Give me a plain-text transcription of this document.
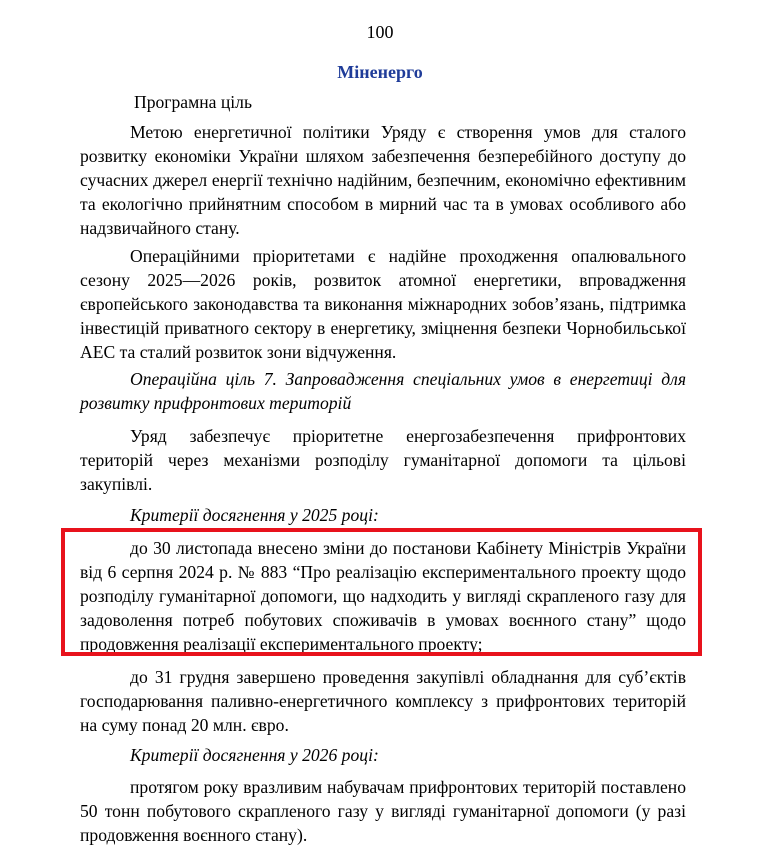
100
Міненерго
Програмна ціль
Метою енергетичної політики Уряду є створення умов для сталого розвитку економіки України шляхом забезпечення безперебійного доступу до сучасних джерел енергії технічно надійним, безпечним, економічно ефективним та екологічно прийнятним способом в мирний час та в умовах особливого або надзвичайного стану.
Операційними пріоритетами є надійне проходження опалювального сезону 2025—2026 років, розвиток атомної енергетики, впровадження європейського законодавства та виконання міжнародних зобов’язань, підтримка інвестицій приватного сектору в енергетику, зміцнення безпеки Чорнобильської АЕС та сталий розвиток зони відчуження.
Операційна ціль 7. Запровадження спеціальних умов в енергетиці для розвитку прифронтових територій
Уряд забезпечує пріоритетне енергозабезпечення прифронтових територій через механізми розподілу гуманітарної допомоги та цільові закупівлі.
Критерії досягнення у 2025 році:
до 30 листопада внесено зміни до постанови Кабінету Міністрів України від 6 серпня 2024 р. № 883 “Про реалізацію експериментального проекту щодо розподілу гуманітарної допомоги, що надходить у вигляді скрапленого газу для задоволення потреб побутових споживачів в умовах воєнного стану” щодо продовження реалізації експериментального проекту;
до 31 грудня завершено проведення закупівлі обладнання для суб’єктів господарювання паливно-енергетичного комплексу з прифронтових територій на суму понад 20 млн. євро.
Критерії досягнення у 2026 році:
протягом року вразливим набувачам прифронтових територій поставлено 50 тонн побутового скрапленого газу у вигляді гуманітарної допомоги (у разі продовження воєнного стану).
